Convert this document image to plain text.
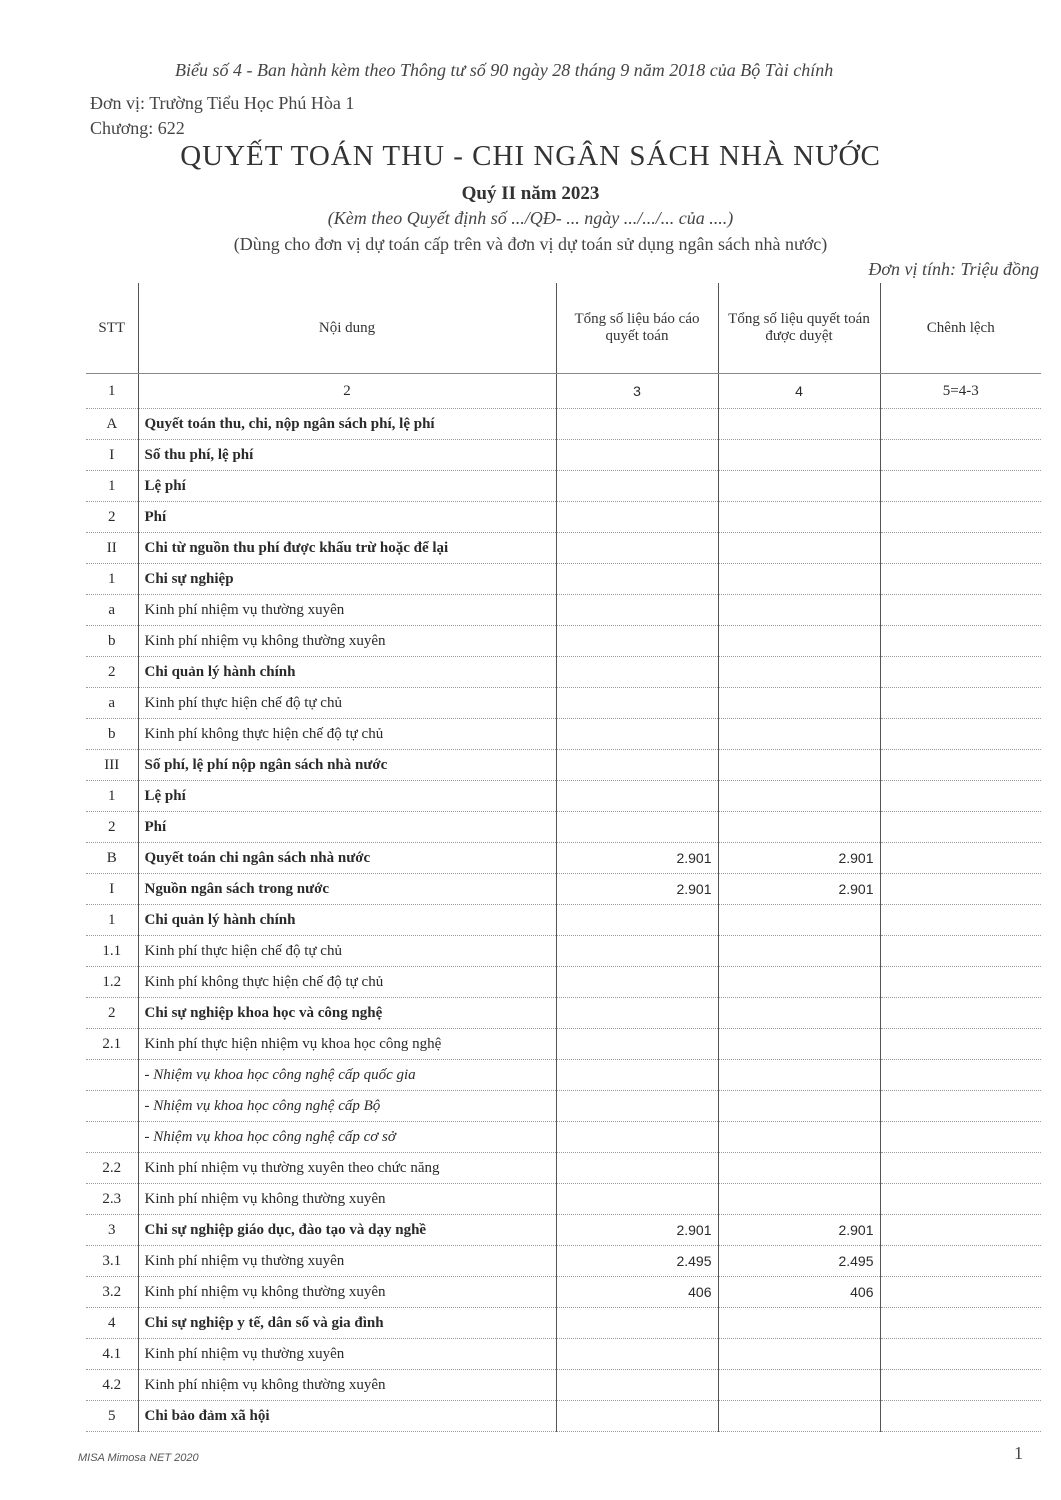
Biểu số 4 - Ban hành kèm theo Thông tư số 90 ngày 28 tháng 9 năm 2018 của Bộ Tài chính
Đơn vị: Trường Tiểu Học Phú Hòa 1
Chương: 622
QUYẾT TOÁN THU - CHI NGÂN SÁCH NHÀ NƯỚC
Quý II năm 2023
(Kèm theo Quyết định số .../QĐ- ... ngày .../.../... của ....)
(Dùng cho đơn vị dự toán cấp trên và đơn vị dự toán sử dụng ngân sách nhà nước)
Đơn vị tính: Triệu đồng
STT	Nội dung	Tổng số liệu báo cáo quyết toán	Tổng số liệu quyết toán được duyệt	Chênh lệch
1	2	3	4	5=4-3
A	Quyết toán thu, chi, nộp ngân sách phí, lệ phí			
I	Số thu phí, lệ phí			
1	Lệ phí			
2	Phí			
II	Chi từ nguồn thu phí được khấu trừ hoặc để lại			
1	Chi sự nghiệp			
a	Kinh phí nhiệm vụ thường xuyên			
b	Kinh phí nhiệm vụ không thường xuyên			
2	Chi quản lý hành chính			
a	Kinh phí thực hiện chế độ tự chủ			
b	Kinh phí không thực hiện chế độ tự chủ			
III	Số phí, lệ phí nộp ngân sách nhà nước			
1	Lệ phí			
2	Phí			
B	Quyết toán chi ngân sách nhà nước	2.901	2.901	
I	Nguồn ngân sách trong nước	2.901	2.901	
1	Chi quản lý hành chính			
1.1	Kinh phí thực hiện chế độ tự chủ			
1.2	Kinh phí không thực hiện chế độ tự chủ			
2	Chi sự nghiệp khoa học và công nghệ			
2.1	Kinh phí thực hiện nhiệm vụ khoa học công nghệ			
	- Nhiệm vụ khoa học công nghệ cấp quốc gia			
	- Nhiệm vụ khoa học công nghệ cấp Bộ			
	- Nhiệm vụ khoa học công nghệ cấp cơ sở			
2.2	Kinh phí nhiệm vụ thường xuyên theo chức năng			
2.3	Kinh phí nhiệm vụ không thường xuyên			
3	Chi sự nghiệp giáo dục, đào tạo và dạy nghề	2.901	2.901	
3.1	Kinh phí nhiệm vụ thường xuyên	2.495	2.495	
3.2	Kinh phí nhiệm vụ không thường xuyên	406	406	
4	Chi sự nghiệp y tế, dân số và gia đình			
4.1	Kinh phí nhiệm vụ thường xuyên			
4.2	Kinh phí nhiệm vụ không thường xuyên			
5	Chi bảo đảm xã hội			
MISA Mimosa NET 2020	1
